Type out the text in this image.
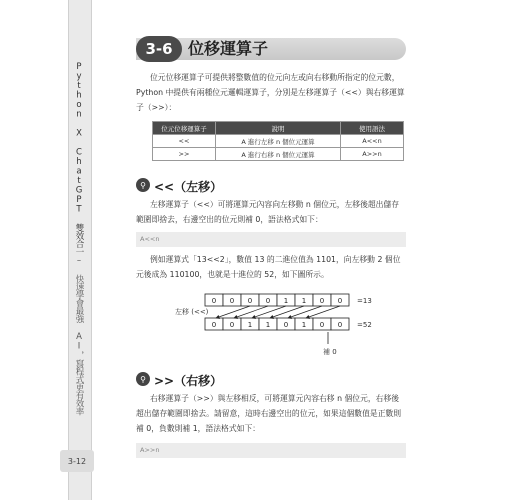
Python X ChatGPT 雙效合一– 快速學會最強 AI，寫程式更有效率
3-12
3-6 位移運算子
位元位移運算子可提供將整數值的位元向左或向右移動所指定的位元數，Python 中提供有兩種位元邏輯運算子，分別是左移運算子（<<）與右移運算子（>>）：
位元位移運算子	說明	使用語法
<<	A 進行左移 n 個位元運算	A<<n
>>	A 進行右移 n 個位元運算	A>>n
⚲ <<（左移）
左移運算子（<<）可將運算元內容向左移動 n 個位元，左移後超出儲存範圍即捨去，右邊空出的位元則補 0，語法格式如下：
A<<n
例如運算式「13<<2」，數值 13 的二進位值為 1101，向左移動 2 個位元後成為 110100，也就是十進位的 52，如下圖所示。
0 0 0 0 1 1 0 0
0 0 1 1 0 1 0 0
左移 (<<)
=13
=52
補 0
⚲ >>（右移）
右移運算子（>>）與左移相反，可將運算元內容右移 n 個位元，右移後超出儲存範圍即捨去。請留意，這時右邊空出的位元，如果這個數值是正數則補 0，負數則補 1，語法格式如下：
A>>n
